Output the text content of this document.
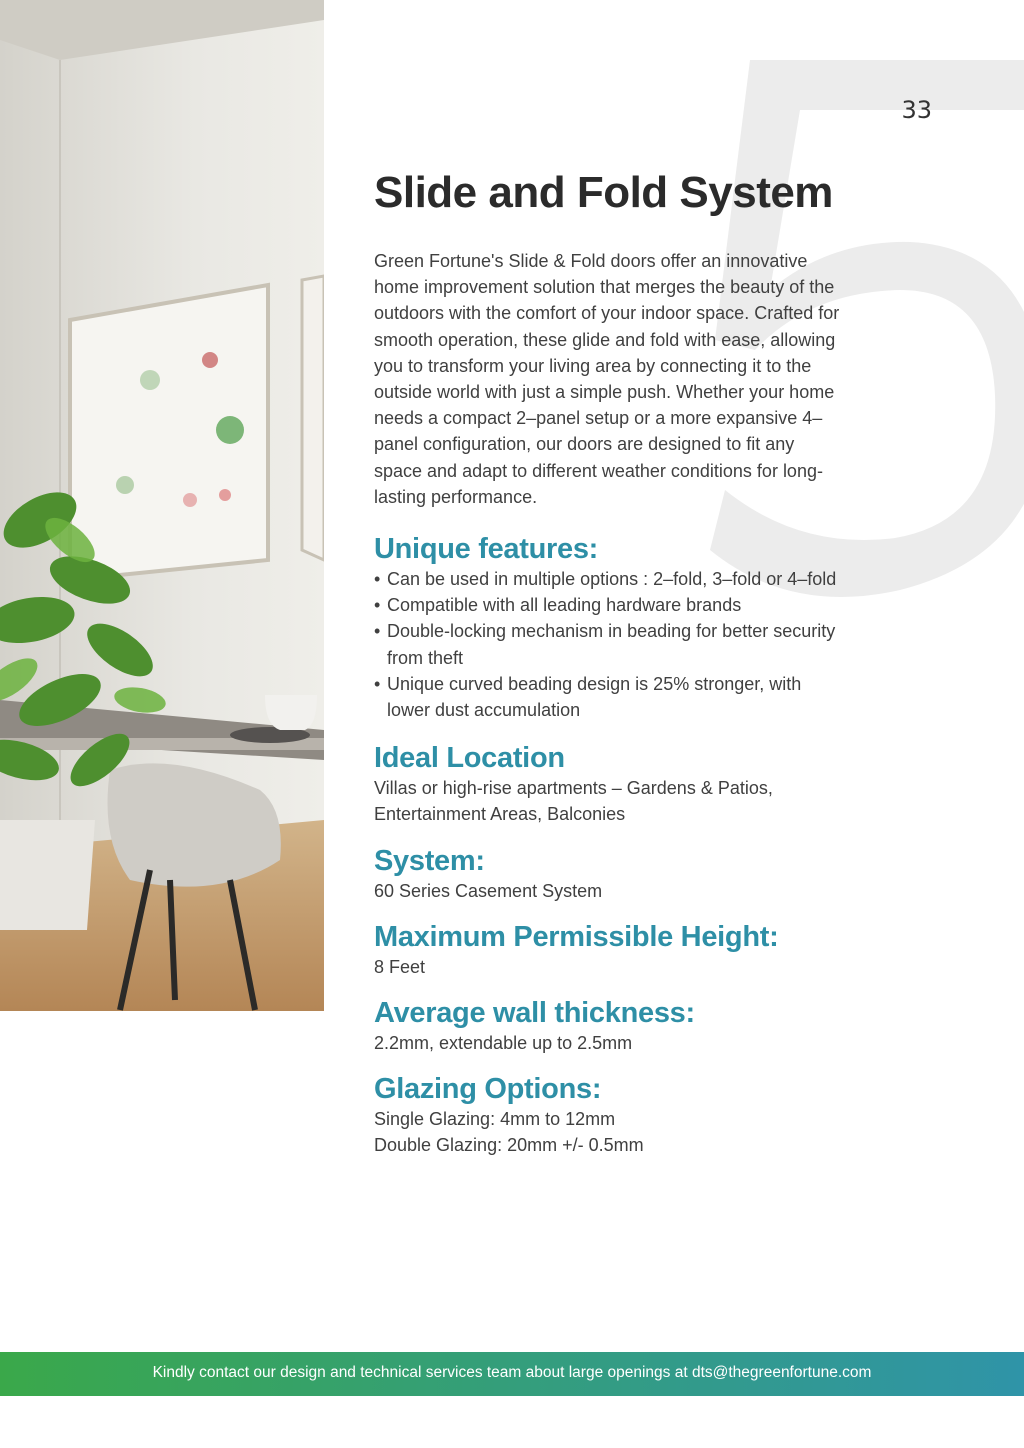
33
Slide and Fold System

Green Fortune's Slide & Fold doors offer an innovative home improvement solution that merges the beauty of the outdoors with the comfort of your indoor space. Crafted for smooth operation, these glide and fold with ease, allowing you to transform your living area by connecting it to the outside world with just a simple push. Whether your home needs a compact 2–panel setup or a more expansive 4–panel configuration, our doors are designed to fit any space and adapt to different weather conditions for long-lasting performance.

Unique features:
• Can be used in multiple options : 2–fold, 3–fold or 4–fold
• Compatible with all leading hardware brands
• Double-locking mechanism in beading for better security from theft
• Unique curved beading design is 25% stronger, with lower dust accumulation
Ideal Location

Villas or high-rise apartments – Gardens & Patios, Entertainment Areas, Balconies

System:

60 Series Casement System

Maximum Permissible Height:

8 Feet

Average wall thickness:

2.2mm, extendable up to 2.5mm

Glazing Options:

Single Glazing: 4mm to 12mm

Double Glazing: 20mm +/- 0.5mm

Kindly contact our design and technical services team about large openings at dts@thegreenfortune.com
